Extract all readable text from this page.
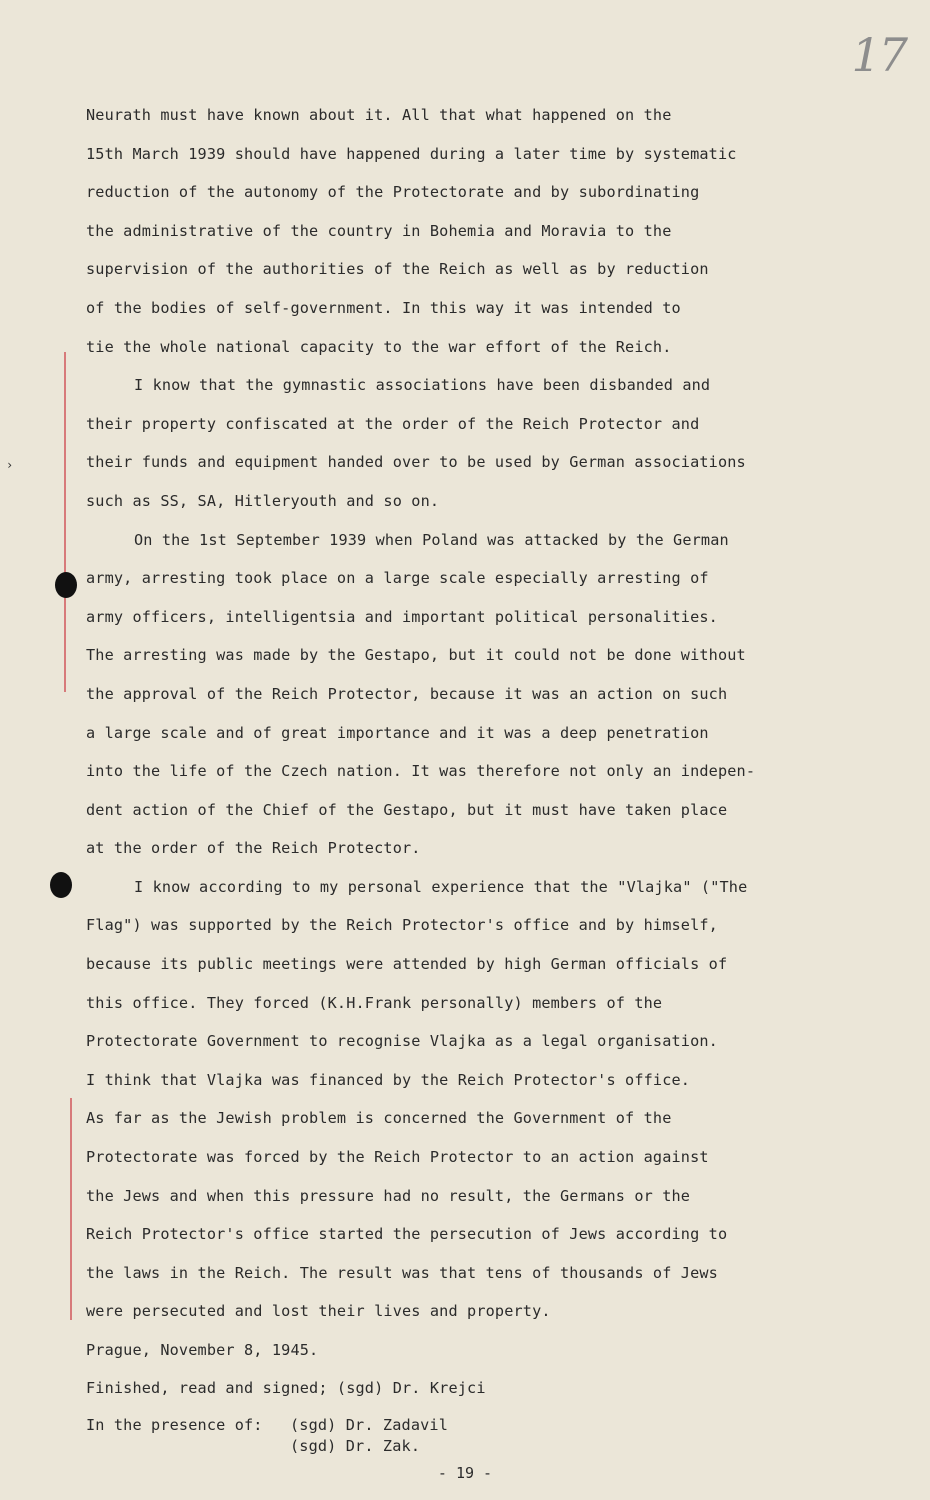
17
›

Neurath must have known about it. All that what happened on the

15th March 1939 should have happened during a later time by systematic

reduction of the autonomy of the Protectorate and by subordinating

the administrative of the country in Bohemia and Moravia to the

supervision of the authorities of the Reich as well as by reduction

of the bodies of self-government. In this way it was intended to

tie the whole national capacity to the war effort of the Reich.

I know that the gymnastic associations have been disbanded and

their property confiscated at the order of the Reich Protector and

their funds and equipment handed over to be used by German associations

such as SS, SA, Hitleryouth and so on.

On the 1st September 1939 when Poland was attacked by the German

army, arresting took place on a large scale especially arresting of

army officers, intelligentsia and important political personalities.

The arresting was made by the Gestapo, but it could not be done without

the approval of the Reich Protector, because it was an action on such

a large scale and of great importance and it was a deep penetration

into the life of the Czech nation. It was therefore not only an indepen-

dent action of the Chief of the Gestapo, but it must have taken place

at the order of the Reich Protector.

I know according to my personal experience that the "Vlajka" ("The

Flag") was supported by the Reich Protector's office and by himself,

because its public meetings were attended by high German officials of

this office. They forced (K.H.Frank personally) members of the

Protectorate Government to recognise Vlajka as a legal organisation.

I think that Vlajka was financed by the Reich Protector's office.

As far as the Jewish problem is concerned the Government of the

Protectorate was forced by the Reich Protector to an action against

the Jews and when this pressure had no result, the Germans or the

Reich Protector's office started the persecution of Jews according to

the laws in the Reich. The result was that tens of thousands of Jews

were persecuted and lost their lives and property.

Prague, November 8, 1945.

Finished, read and signed; (sgd) Dr. Krejci

In the presence of:	(sgd) Dr. Zadavil

(sgd) Dr. Zak.

- 19 -
